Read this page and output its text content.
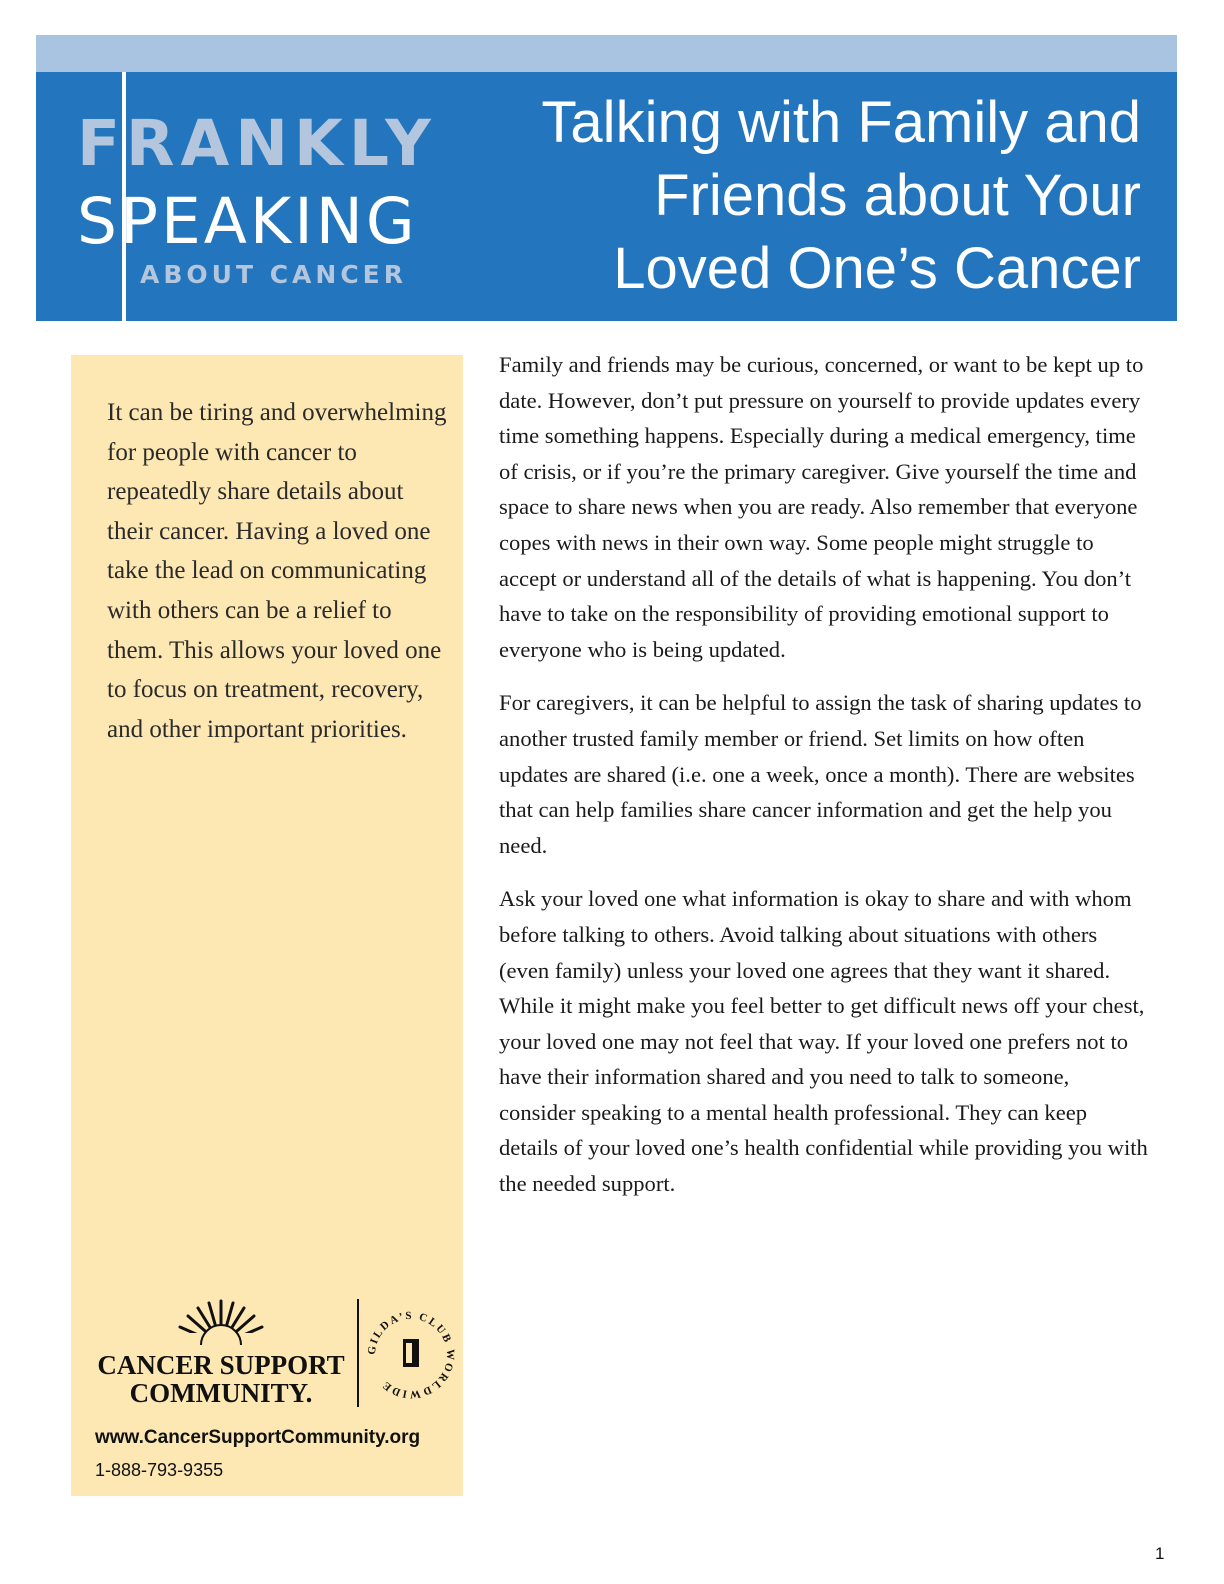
FRANKLY
SPEAKING
ABOUT CANCER
Talking with Family and
Friends about Your
Loved One’s Cancer

It can be tiring and overwhelming for people with cancer to repeatedly share details about their cancer. Having a loved one take the lead on communicating with others can be a relief to them. This allows your loved one to focus on treatment, recovery, and other important priorities.

CANCER SUPPORT
COMMUNITY.
GILDA’S CLUB WORLDWIDE

www.CancerSupportCommunity.org

1-888-793-9355

Family and friends may be curious, concerned, or want to be kept up to date. However, don’t put pressure on yourself to provide updates every time something happens. Especially during a medical emergency, time of crisis, or if you’re the primary caregiver. Give yourself the time and space to share news when you are ready. Also remember that everyone copes with news in their own way. Some people might struggle to accept or understand all of the details of what is happening. You don’t have to take on the responsibility of providing emotional support to everyone who is being updated.

For caregivers, it can be helpful to assign the task of sharing updates to another trusted family member or friend. Set limits on how often updates are shared (i.e. one a week, once a month). There are websites that can help families share cancer information and get the help you need.

Ask your loved one what information is okay to share and with whom before talking to others. Avoid talking about situations with others (even family) unless your loved one agrees that they want it shared. While it might make you feel better to get difficult news off your chest, your loved one may not feel that way. If your loved one prefers not to have their information shared and you need to talk to someone, consider speaking to a mental health professional. They can keep details of your loved one’s health confidential while providing you with the needed support.

1
